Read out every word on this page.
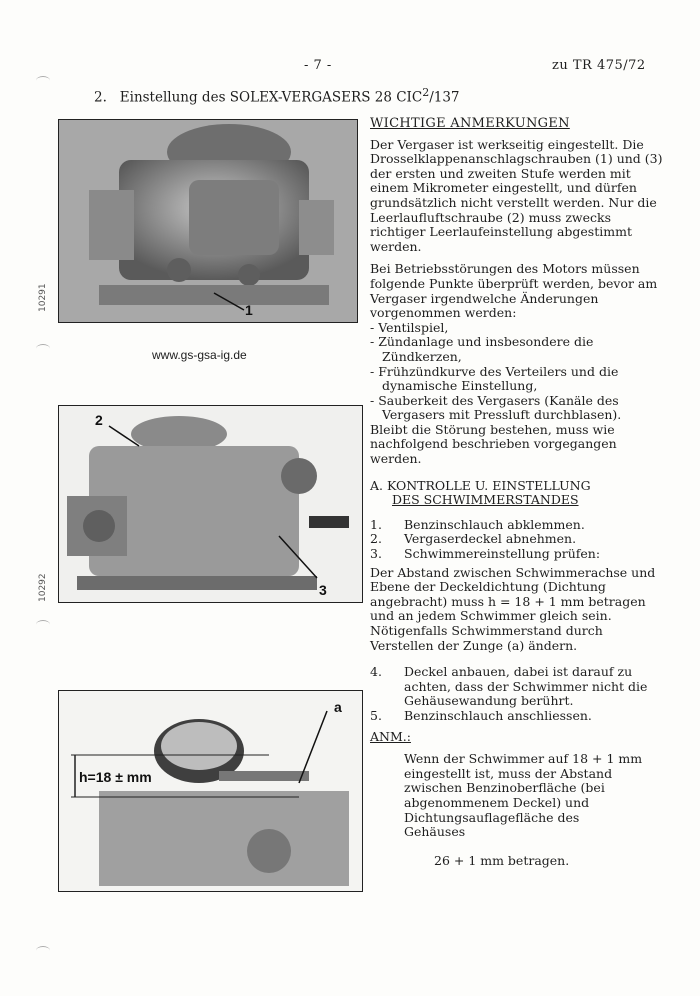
- 7 -	zu TR 475/72
2. Einstellung des SOLEX-VERGASERS 28 CIC$^2$/137
1
10291
www.gs-gsa-ig.de
2
3
10292
h=18 ± mm
a

WICHTIGE ANMERKUNGEN

Der Vergaser ist werkseitig eingestellt. Die Drosselklappenanschlagschrauben (1) und (3) der ersten und zweiten Stufe werden mit einem Mikrometer eingestellt, und dürfen grundsätzlich nicht verstellt werden. Nur die Leerlaufluftschraube (2) muss zwecks richtiger Leerlaufeinstellung abgestimmt werden.

Bei Betriebsstörungen des Motors müssen folgende Punkte überprüft werden, bevor am Vergaser irgendwelche Änderungen vorgenommen werden:

- Ventilspiel,
- Zündanlage und insbesondere die Zündkerzen,
- Frühzündkurve des Verteilers und die dynamische Einstellung,
- Sauberkeit des Vergasers (Kanäle des Vergasers mit Pressluft durchblasen).

Bleibt die Störung bestehen, muss wie nachfolgend beschrieben vorgegangen werden.

A. KONTROLLE U. EINSTELLUNG

DES SCHWIMMERSTANDES

1. Benzinschlauch abklemmen.
2. Vergaserdeckel abnehmen.
3. Schwimmereinstellung prüfen:

Der Abstand zwischen Schwimmerachse und Ebene der Deckeldichtung (Dichtung angebracht) muss h = 18 + 1 mm betragen und an jedem Schwimmer gleich sein. Nötigenfalls Schwimmerstand durch Verstellen der Zunge (a) ändern.

4. Deckel anbauen, dabei ist darauf zu achten, dass der Schwimmer nicht die Gehäusewandung berührt.
5. Benzinschlauch anschliessen.

ANM.:

Wenn der Schwimmer auf 18 + 1 mm eingestellt ist, muss der Abstand zwischen Benzinoberfläche (bei abgenommenem Deckel) und Dichtungsauflagefläche des Gehäuses

26 + 1 mm betragen.
